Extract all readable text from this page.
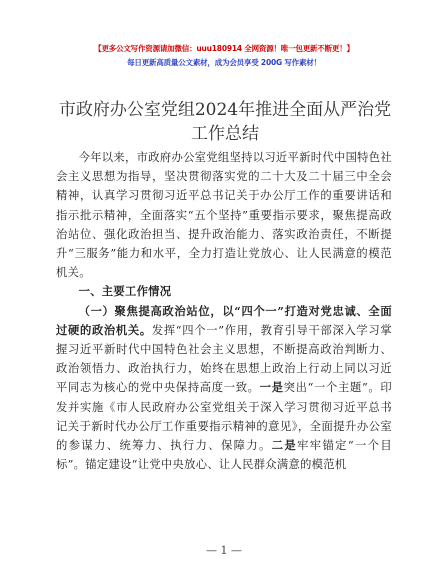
【更多公文写作资源请加微信：uuu180914 全网资源！唯一包更新不断更！】
每日更新高质量公文素材，成为会员享受 200G 写作素材！
市政府办公室党组2024年推进全面从严治党工作总结

今年以来，市政府办公室党组坚持以习近平新时代中国特色社会主义思想为指导，坚决贯彻落实党的二十大及二十届三中全会精神，认真学习贯彻习近平总书记关于办公厅工作的重要讲话和指示批示精神，全面落实“五个坚持”重要指示要求，聚焦提高政治站位、强化政治担当、提升政治能力、落实政治责任，不断提升“三服务”能力和水平，全力打造让党放心、让人民满意的模范机关。

一、主要工作情况

（一）聚焦提高政治站位，以“四个一”打造对党忠诚、全面过硬的政治机关。发挥“四个一”作用，教育引导干部深入学习掌握习近平新时代中国特色社会主义思想，不断提高政治判断力、政治领悟力、政治执行力，始终在思想上政治上行动上同以习近平同志为核心的党中央保持高度一致。一是突出“一个主题”。印发并实施《市人民政府办公室党组关于深入学习贯彻习近平总书记关于新时代办公厅工作重要指示精神的意见》，全面提升办公室的参谋力、统筹力、执行力、保障力。二是牢牢锚定“一个目标”。锚定建设“让党中央放心、让人民群众满意的模范机

— 1 —
